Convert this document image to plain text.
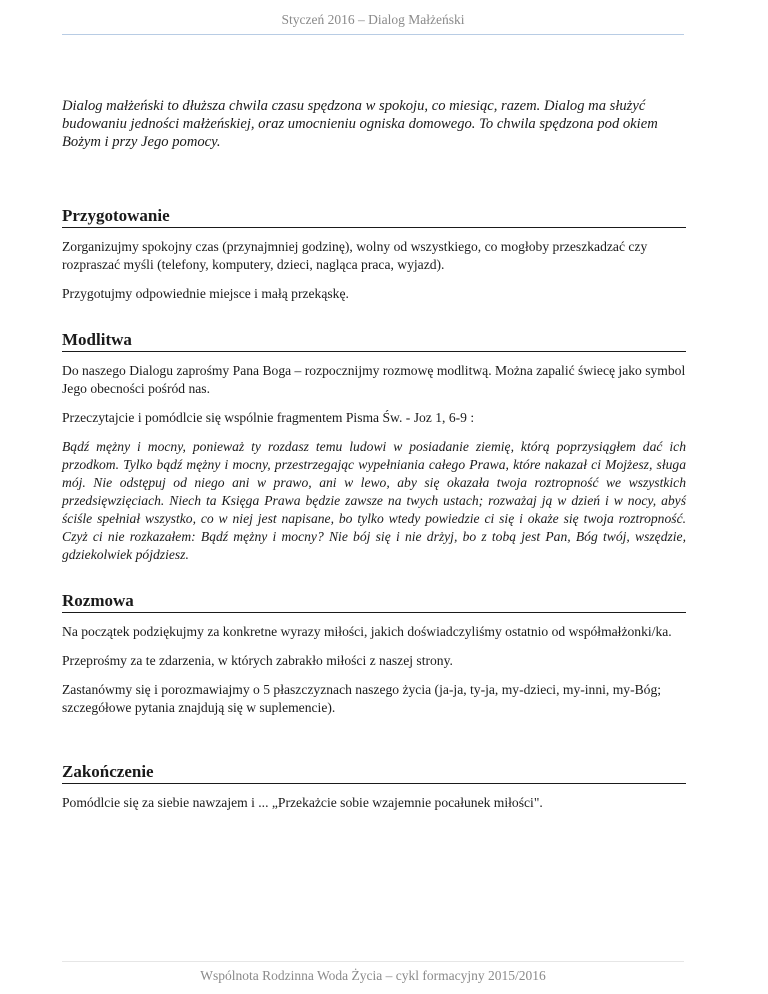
Styczeń 2016 – Dialog Małżeński

Dialog małżeński to dłuższa chwila czasu spędzona w spokoju, co miesiąc, razem. Dialog ma służyć budowaniu jedności małżeńskiej, oraz umocnieniu ogniska domowego. To chwila spędzona pod okiem Bożym i przy Jego pomocy.

Przygotowanie

Zorganizujmy spokojny czas (przynajmniej godzinę), wolny od wszystkiego, co mogłoby przeszkadzać czy rozpraszać myśli (telefony, komputery, dzieci, nagląca praca, wyjazd).

Przygotujmy odpowiednie miejsce i małą przekąskę.

Modlitwa

Do naszego Dialogu zaprośmy Pana Boga – rozpocznijmy rozmowę modlitwą. Można zapalić świecę jako symbol Jego obecności pośród nas.

Przeczytajcie i pomódlcie się wspólnie fragmentem Pisma Św. - Joz 1, 6-9 :

Bądź mężny i mocny, ponieważ ty rozdasz temu ludowi w posiadanie ziemię, którą poprzysiągłem dać ich przodkom. Tylko bądź mężny i mocny, przestrzegając wypełniania całego Prawa, które nakazał ci Mojżesz, sługa mój. Nie odstępuj od niego ani w prawo, ani w lewo, aby się okazała twoja roztropność we wszystkich przedsięwzięciach. Niech ta Księga Prawa będzie zawsze na twych ustach; rozważaj ją w dzień i w nocy, abyś ściśle spełniał wszystko, co w niej jest napisane, bo tylko wtedy powiedzie ci się i okaże się twoja roztropność. Czyż ci nie rozkazałem: Bądź mężny i mocny? Nie bój się i nie drżyj, bo z tobą jest Pan, Bóg twój, wszędzie, gdziekolwiek pójdziesz.

Rozmowa

Na początek podziękujmy za konkretne wyrazy miłości, jakich doświadczyliśmy ostatnio od współmałżonki/ka.

Przeprośmy za te zdarzenia, w których zabrakło miłości z naszej strony.

Zastanówmy się i porozmawiajmy o 5 płaszczyznach naszego życia (ja-ja, ty-ja, my-dzieci, my-inni, my-Bóg; szczegółowe pytania znajdują się w suplemencie).

Zakończenie

Pomódlcie się za siebie nawzajem i ... „Przekażcie sobie wzajemnie pocałunek miłości".

Wspólnota Rodzinna Woda Życia – cykl formacyjny 2015/2016
